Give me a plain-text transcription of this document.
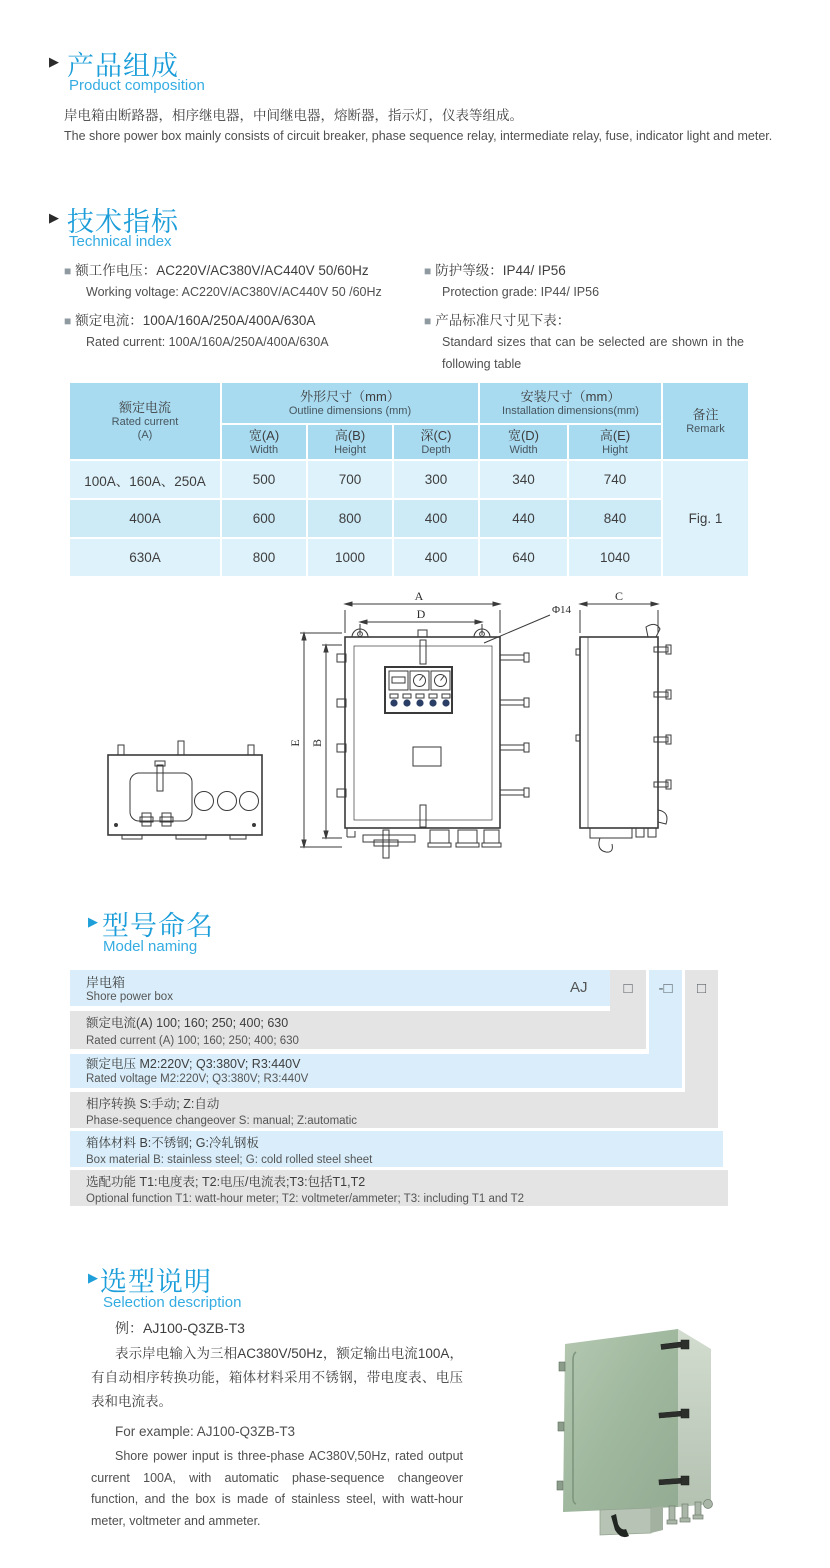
▶ 产品组成
Product composition
岸电箱由断路器，相序继电器，中间继电器，熔断器，指示灯，仪表等组成。
The shore power box mainly consists of circuit breaker, phase sequence relay, intermediate relay, fuse, indicator light and meter.
▶ 技术指标
Technical index
■ 额工作电压：AC220V/AC380V/AC440V 50/60Hz
Working voltage: AC220V/AC380V/AC440V 50 /60Hz
■ 额定电流：100A/160A/250A/400A/630A
Rated current: 100A/160A/250A/400A/630A
■ 防护等级：IP44/ IP56
Protection grade: IP44/ IP56
■ 产品标准尺寸见下表：
Standard sizes that can be selected are shown in the following table
额定电流
Rated current
(A)
外形尺寸（mm）
Outline dimensions (mm)
安装尺寸（mm）
Installation dimensions(mm)	备注
Remark
宽(A)
Width
高(B)
Height
深(C)
Depth
宽(D)
Width
高(E)
Hight
100A、160A、250A	500	700	300	340	740
Fig. 1
400A	600	800	400	440	840
630A	800	1000	400	640	1040
A
D	Φ14
E B
C
▶ 型号命名
Model naming
□	-□	□
岸电箱
Shore power box
AJ
额定电流(A) 100; 160; 250; 400; 630
Rated current (A) 100; 160; 250; 400; 630
额定电压 M2:220V; Q3:380V; R3:440V
Rated voltage M2:220V; Q3:380V; R3:440V
相序转换 S:手动; Z:自动
Phase-sequence changeover S: manual; Z:automatic
箱体材料 B:不锈钢; G:冷轧钢板
Box material B: stainless steel; G: cold rolled steel sheet
选配功能 T1:电度表; T2:电压/电流表;T3:包括T1,T2
Optional function T1: watt-hour meter; T2: voltmeter/ammeter; T3: including T1 and T2
▶ 选型说明
Selection description
例：AJ100-Q3ZB-T3
表示岸电输入为三相AC380V/50Hz，额定输出电流100A，有自动相序转换功能，箱体材料采用不锈钢，带电度表、电压表和电流表。
For example: AJ100-Q3ZB-T3
Shore power input is three-phase AC380V,50Hz, rated output current 100A, with automatic phase-sequence changeover function, and the box is made of stainless steel, with watt-hour meter, voltmeter and ammeter.
